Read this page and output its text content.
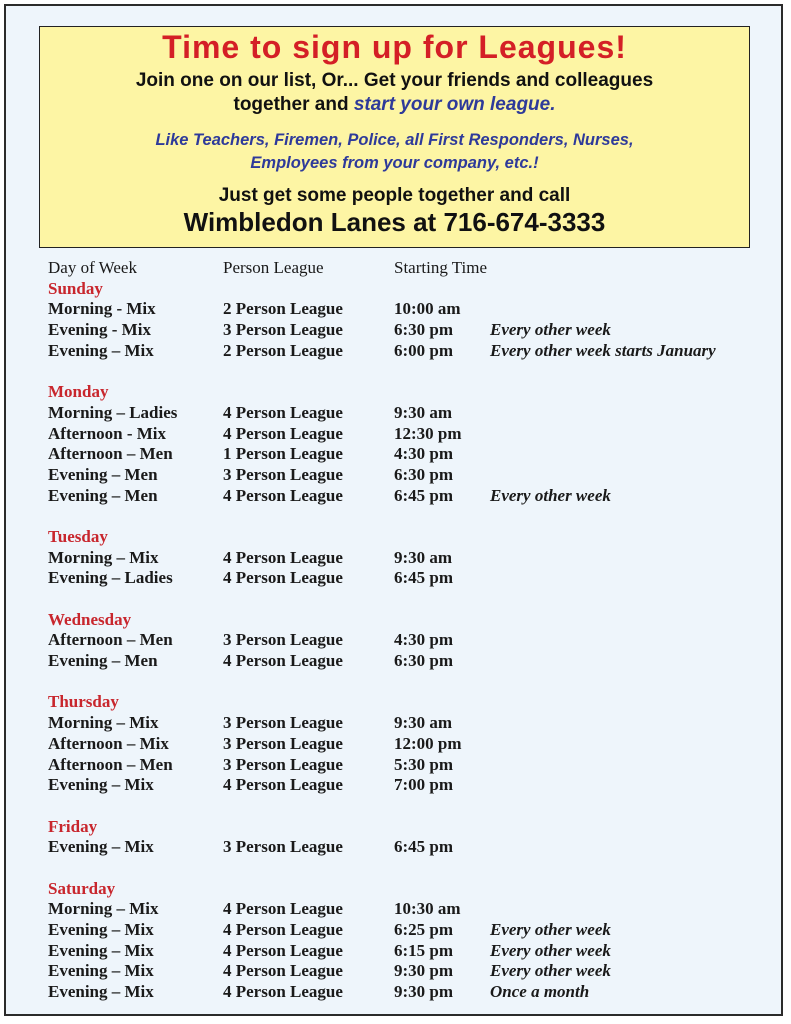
Time to sign up for Leagues!
Join one on our list, Or... Get your friends and colleagues
together and start your own league.
Like Teachers, Firemen, Police, all First Responders, Nurses,
Employees from your company, etc.!
Just get some people together and call
Wimbledon Lanes at 716-674-3333
Day of Week	Person League	Starting Time
Sunday
Morning - Mix	2 Person League	10:00 am
Evening - Mix	3 Person League	6:30 pm Every other week
Evening – Mix	2 Person League	6:00 pm Every other week starts January
Monday
Morning – Ladies	4 Person League	9:30 am
Afternoon - Mix	4 Person League	12:30 pm
Afternoon – Men	1 Person League	4:30 pm
Evening – Men	3 Person League	6:30 pm
Evening – Men	4 Person League	6:45 pm Every other week
Tuesday
Morning – Mix	4 Person League	9:30 am
Evening – Ladies	4 Person League	6:45 pm
Wednesday
Afternoon – Men	3 Person League	4:30 pm
Evening – Men	4 Person League	6:30 pm
Thursday
Morning – Mix	3 Person League	9:30 am
Afternoon – Mix	3 Person League	12:00 pm
Afternoon – Men	3 Person League	5:30 pm
Evening – Mix	4 Person League	7:00 pm
Friday
Evening – Mix	3 Person League	6:45 pm
Saturday
Morning – Mix	4 Person League	10:30 am
Evening – Mix	4 Person League	6:25 pm Every other week
Evening – Mix	4 Person League	6:15 pm Every other week
Evening – Mix	4 Person League	9:30 pm Every other week
Evening – Mix	4 Person League	9:30 pm Once a month
